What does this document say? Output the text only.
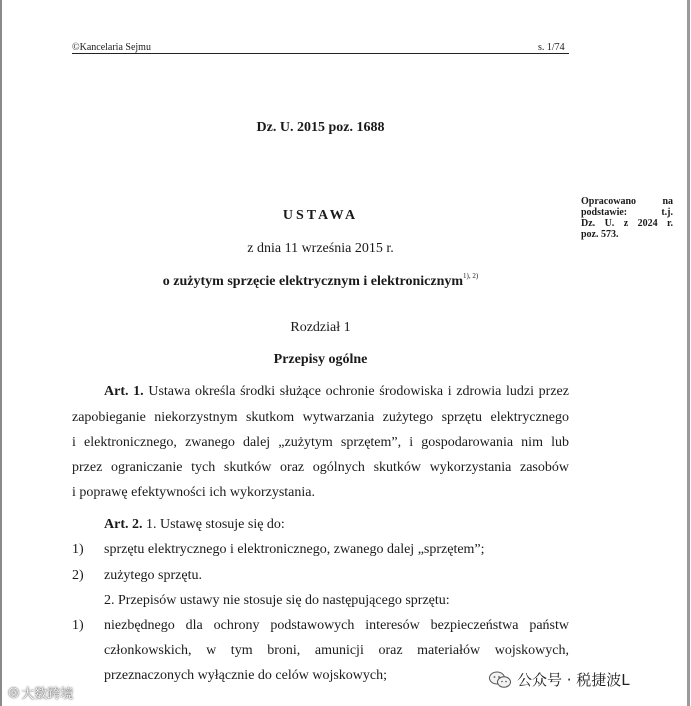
©Kancelaria Sejmu	s. 1/74
Dz. U. 2015 poz. 1688
Opracowano na
podstawie: t.j.
Dz. U. z 2024 r.
poz. 573.
USTAWA
z dnia 11 września 2015 r.
o zużytym sprzęcie elektrycznym i elektronicznym$^{1), 2)}$
Rozdział 1
Przepisy ogólne
Art. 1. Ustawa określa środki służące ochronie środowiska i zdrowia ludzi przez
zapobieganie niekorzystnym skutkom wytwarzania zużytego sprzętu elektrycznego
i elektronicznego, zwanego dalej „zużytym sprzętem”, i gospodarowania nim lub
przez ograniczanie tych skutków oraz ogólnych skutków wykorzystania zasobów
i poprawę efektywności ich wykorzystania.
Art. 2. 1. Ustawę stosuje się do:
1) sprzętu elektrycznego i elektronicznego, zwanego dalej „sprzętem”;
2) zużytego sprzętu.
2. Przepisów ustawy nie stosuje się do następującego sprzętu:
1) niezbędnego dla ochrony podstawowych interesów bezpieczeństwa państw
członkowskich, w tym broni, amunicji oraz materiałów wojskowych,
przeznaczonych wyłącznie do celów wojskowych;
◎ 大数跨境
公众号 · 税捷波L
